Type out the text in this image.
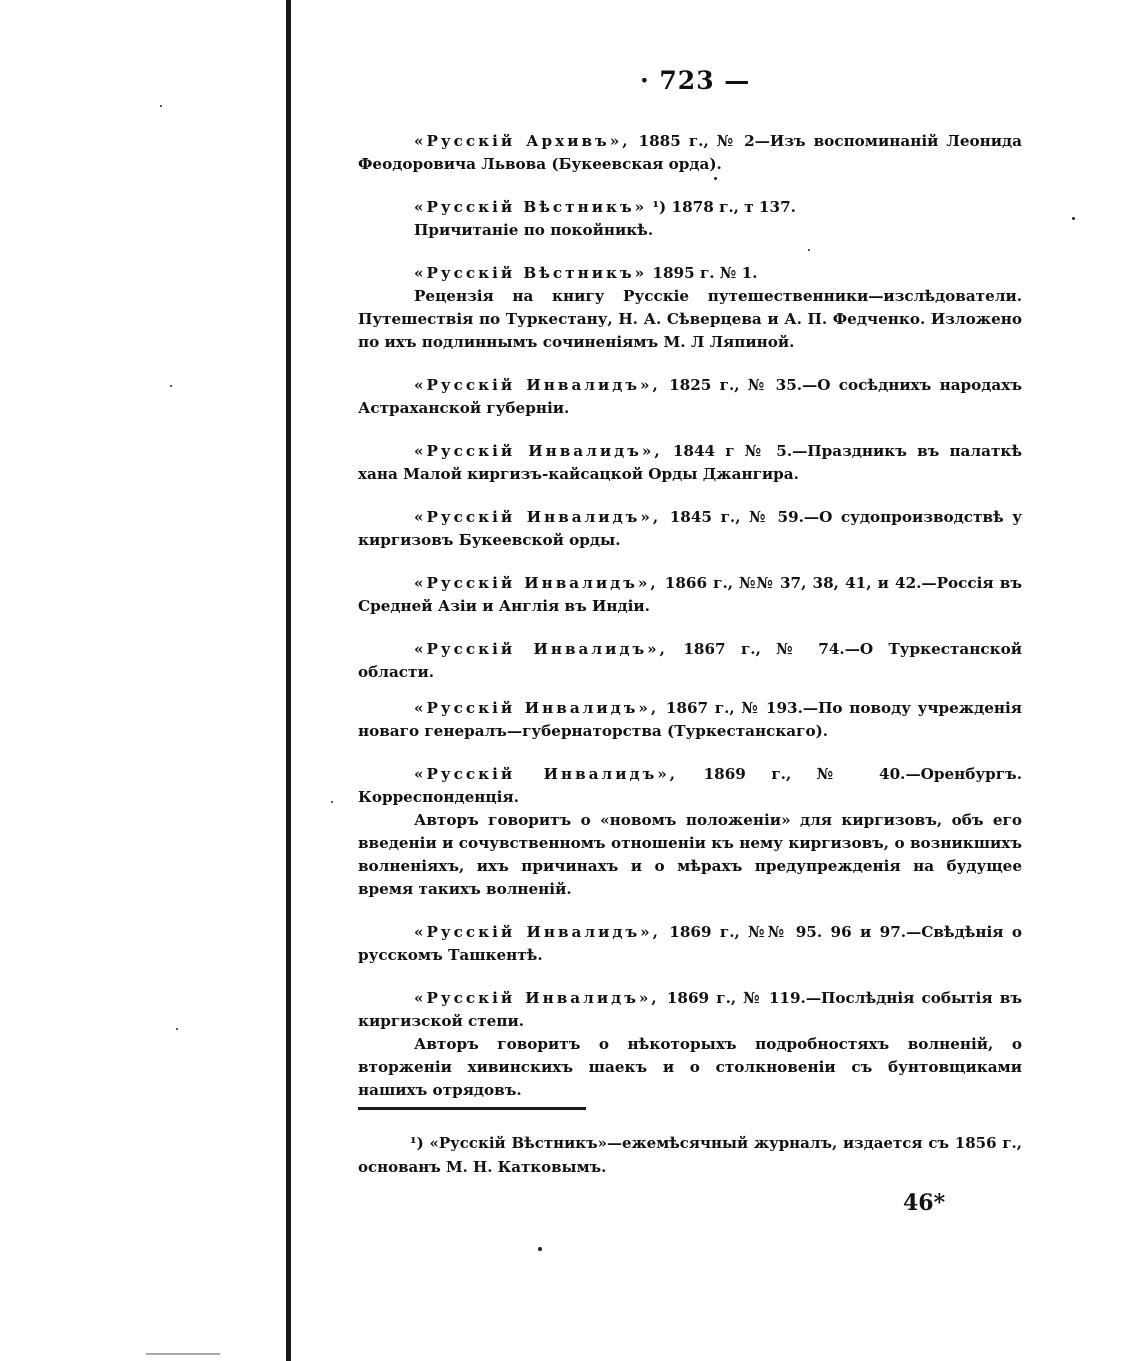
· 723 —

«Русскій Архивъ», 1885 г., № 2—Изъ воспоминаній Леонида Феодоровича Львова (Букеевская орда).

«Русскій Вѣстникъ» ¹) 1878 г., т 137.

Причитаніе по покойникѣ.

«Русскій Вѣстникъ» 1895 г. № 1.

Рецензія на книгу Русскіе путешественники—изслѣдователи. Путешествія по Туркестану, Н. А. Сѣверцева и А. П. Федченко. Изложено по ихъ подлиннымъ сочиненіямъ М. Л Ляпиной.

«Русскій Инвалидъ», 1825 г., № 35.—О сосѣднихъ народахъ Астраханской губерніи.

«Русскій Инвалидъ», 1844 г № 5.—Праздникъ въ палаткѣ хана Малой киргизъ-кайсацкой Орды Джангира.

«Русскій Инвалидъ», 1845 г., № 59.—О судопроизводствѣ у киргизовъ Букеевской орды.

«Русскій Инвалидъ», 1866 г., №№ 37, 38, 41, и 42.—Россія въ Средней Азіи и Англія въ Индіи.

«Русскій Инвалидъ», 1867 г., № 74.—О Туркестанской области.

«Русскій Инвалидъ», 1867 г., № 193.—По поводу учрежденія новаго генералъ—губернаторства (Туркестанскаго).

«Русскій Инвалидъ», 1869 г., № 40.—Оренбургъ. Корреспонденція.

Авторъ говоритъ о «новомъ положеніи» для киргизовъ, объ его введеніи и сочувственномъ отношеніи къ нему киргизовъ, о возникшихъ волненіяхъ, ихъ причинахъ и о мѣрахъ предупрежденія на будущее время такихъ волненій.

«Русскій Инвалидъ», 1869 г., №№ 95. 96 и 97.—Свѣдѣнія о русскомъ Ташкентѣ.

«Русскій Инвалидъ», 1869 г., № 119.—Послѣднія событія въ киргизской степи.

Авторъ говоритъ о нѣкоторыхъ подробностяхъ волненій, о вторженіи хивинскихъ шаекъ и о столкновеніи съ бунтовщиками нашихъ отрядовъ.

¹) «Русскій Вѣстникъ»—ежемѣсячный журналъ, издается съ 1856 г., основанъ М. Н. Катковымъ.

46*
